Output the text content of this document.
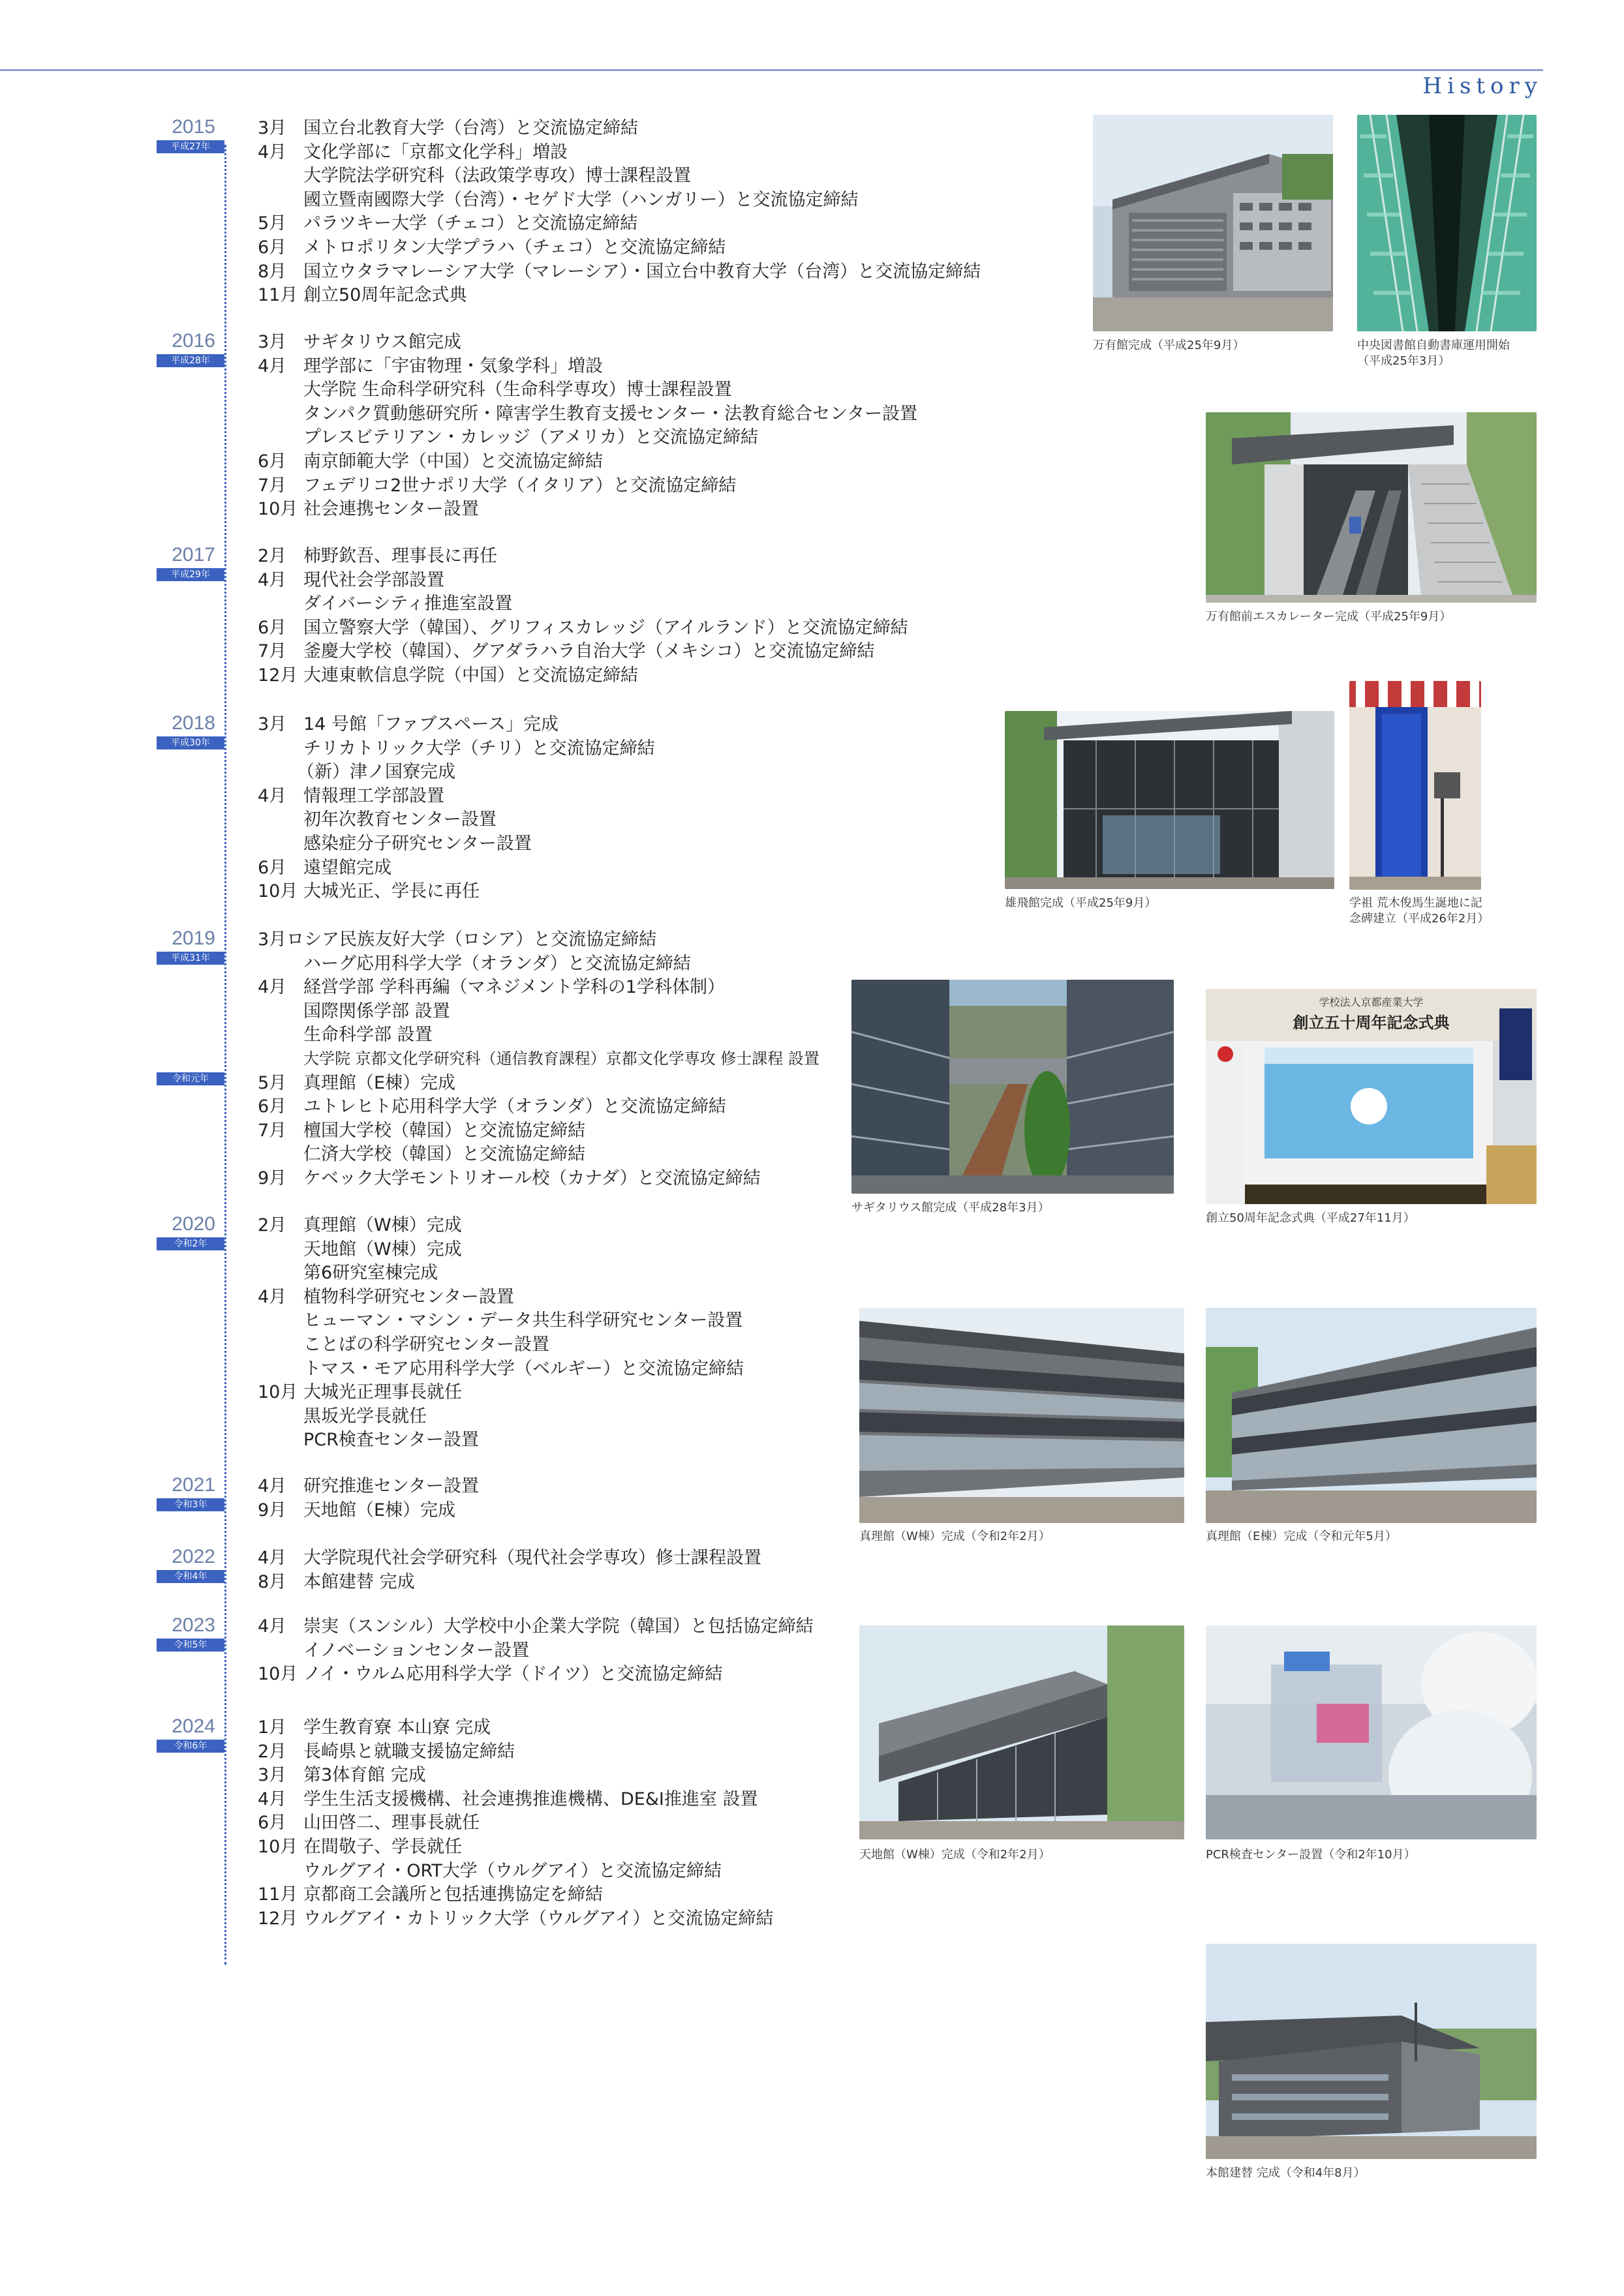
History
2015
平成27年
3月 国立台北教育大学（台湾）と交流協定締結
4月 文化学部に「京都文化学科」増設
大学院法学研究科（法政策学専攻）博士課程設置
國立暨南國際大学（台湾）・セゲド大学（ハンガリー）と交流協定締結
5月 パラツキー大学（チェコ）と交流協定締結
6月 メトロポリタン大学プラハ（チェコ）と交流協定締結
8月 国立ウタラマレーシア大学（マレーシア）・国立台中教育大学（台湾）と交流協定締結
11月 創立50周年記念式典
2016
平成28年
3月 サギタリウス館完成
4月 理学部に「宇宙物理・気象学科」増設
大学院 生命科学研究科（生命科学専攻）博士課程設置
タンパク質動態研究所・障害学生教育支援センター・法教育総合センター設置
プレスビテリアン・カレッジ（アメリカ）と交流協定締結
6月 南京師範大学（中国）と交流協定締結
7月 フェデリコ2世ナポリ大学（イタリア）と交流協定締結
10月 社会連携センター設置
2017
平成29年
2月 柿野欽吾、理事長に再任
4月 現代社会学部設置
ダイバーシティ推進室設置
6月 国立警察大学（韓国）、グリフィスカレッジ（アイルランド）と交流協定締結
7月 釜慶大学校（韓国）、グアダラハラ自治大学（メキシコ）と交流協定締結
12月 大連東軟信息学院（中国）と交流協定締結
2018
平成30年
3月 14 号館「ファブスペース」完成
チリカトリック大学（チリ）と交流協定締結
（新）津ノ国寮完成
4月 情報理工学部設置
初年次教育センター設置
感染症分子研究センター設置
6月 遠望館完成
10月 大城光正、学長に再任
2019
平成31年
令和元年
3月ロシア民族友好大学（ロシア）と交流協定締結
ハーグ応用科学大学（オランダ）と交流協定締結
4月 経営学部 学科再編（マネジメント学科の1学科体制）
国際関係学部 設置
生命科学部 設置
大学院 京都文化学研究科（通信教育課程）京都文化学専攻 修士課程 設置
5月 真理館（E棟）完成
6月 ユトレヒト応用科学大学（オランダ）と交流協定締結
7月 檀国大学校（韓国）と交流協定締結
仁済大学校（韓国）と交流協定締結
9月 ケベック大学モントリオール校（カナダ）と交流協定締結
2020
令和2年
2月 真理館（W棟）完成
天地館（W棟）完成
第6研究室棟完成
4月 植物科学研究センター設置
ヒューマン・マシン・データ共生科学研究センター設置
ことばの科学研究センター設置
トマス・モア応用科学大学（ベルギー）と交流協定締結
10月 大城光正理事長就任
黒坂光学長就任
PCR検査センター設置
2021
令和3年
4月 研究推進センター設置
9月 天地館（E棟）完成
2022
令和4年
4月 大学院現代社会学研究科（現代社会学専攻）修士課程設置
8月 本館建替 完成
2023
令和5年
4月 崇実（スンシル）大学校中小企業大学院（韓国）と包括協定締結
イノベーションセンター設置
10月 ノイ・ウルム応用科学大学（ドイツ）と交流協定締結
2024
令和6年
1月 学生教育寮 本山寮 完成
2月 長崎県と就職支援協定締結
3月 第3体育館 完成
4月 学生生活支援機構、社会連携推進機構、DE&I推進室 設置
6月 山田啓二、理事長就任
10月 在間敬子、学長就任
ウルグアイ・ORT大学（ウルグアイ）と交流協定締結
11月 京都商工会議所と包括連携協定を締結
12月 ウルグアイ・カトリック大学（ウルグアイ）と交流協定締結
万有館完成（平成25年9月）	中央図書館自動書庫運用開始
（平成25年3月）
万有館前エスカレーター完成（平成25年9月）
雄飛館完成（平成25年9月）	学祖 荒木俊馬生誕地に記
念碑建立（平成26年2月）
サギタリウス館完成（平成28年3月）
学校法人京都産業大学
創立五十周年記念式典
創立50周年記念式典（平成27年11月）
真理館（W棟）完成（令和2年2月）	真理館（E棟）完成（令和元年5月）
天地館（W棟）完成（令和2年2月）	PCR検査センター設置（令和2年10月）
本館建替 完成（令和4年8月）
